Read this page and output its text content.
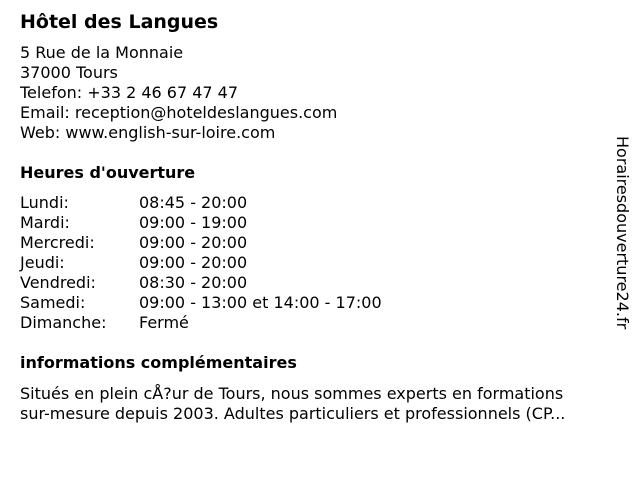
Hôtel des Langues
5 Rue de la Monnaie
37000 Tours
Telefon: +33 2 46 67 47 47
Email: reception@hoteldeslangues.com
Web: www.english-sur-loire.com
Heures d'ouverture
Lundi:	08:45 - 20:00
Mardi:	09:00 - 19:00
Mercredi:	09:00 - 20:00
Jeudi:	09:00 - 20:00
Vendredi:	08:30 - 20:00
Samedi:	09:00 - 13:00 et 14:00 - 17:00
Dimanche: Fermé
informations complémentaires
Situés en plein cÅ?ur de Tours, nous sommes experts en formations
sur-mesure depuis 2003. Adultes particuliers et professionnels (CP...
Horairesdouverture24.fr
